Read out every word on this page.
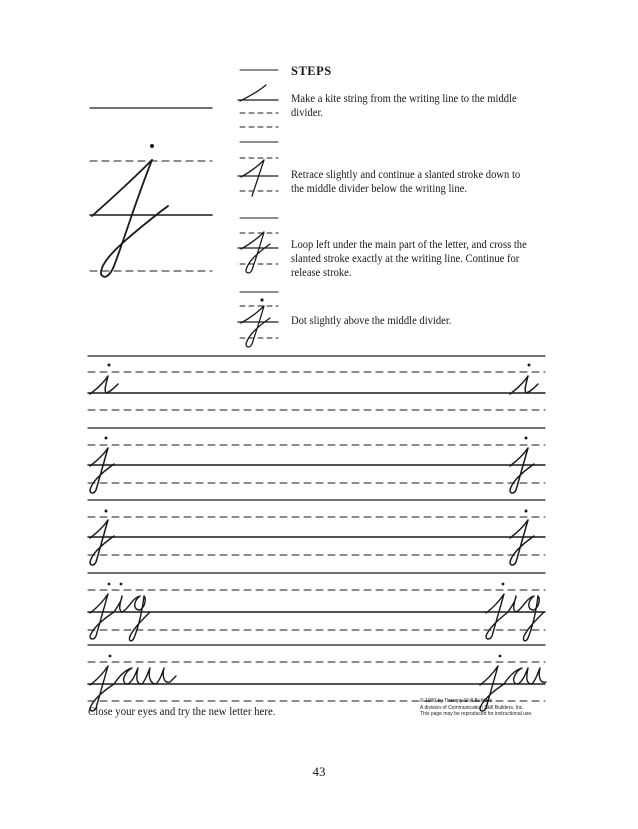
STEPS
Make a kite string from the writing line to the middle divider.
Retrace slightly and continue a slanted stroke down to the middle divider below the writing line.
Loop left under the main part of the letter, and cross the slanted stroke exactly at the writing line. Continue for release stroke.
Dot slightly above the middle divider.
Close your eyes and try the new letter here.
© 1990 by Therapy Skill Builders
A division of Communication Skill Builders, Inc.
This page may be reproduced for instructional use.
43
